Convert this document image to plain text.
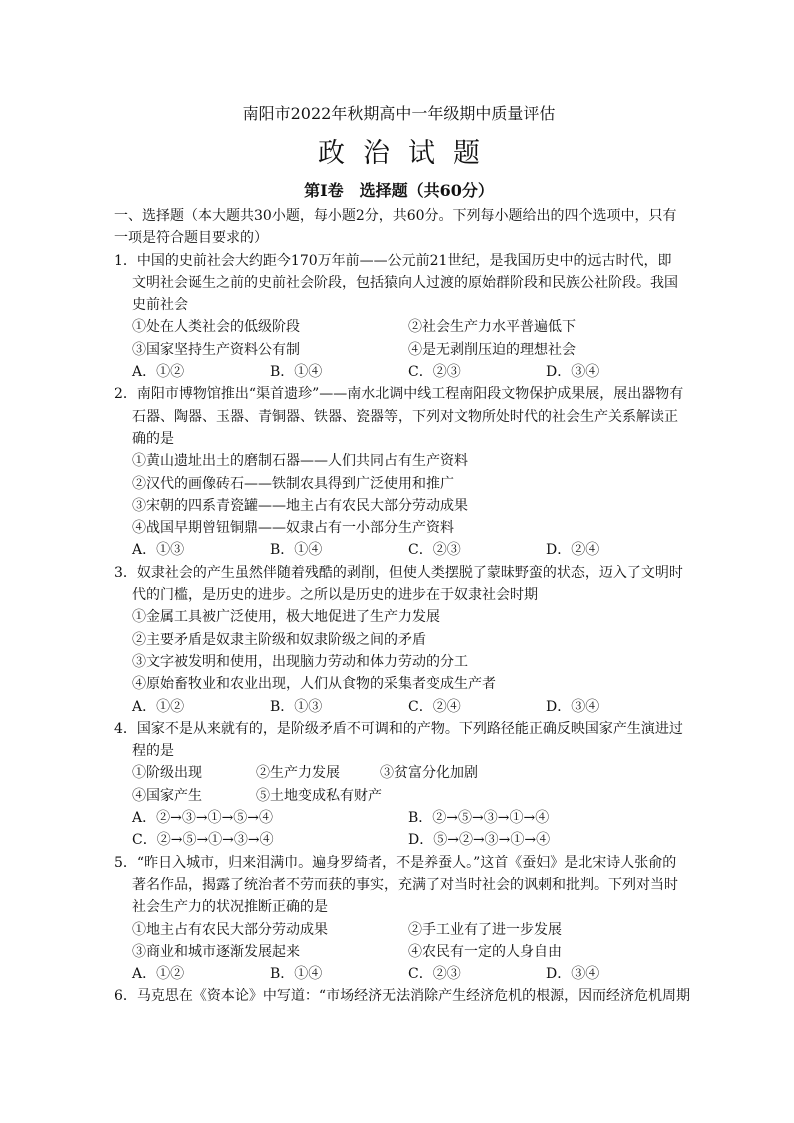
南阳市2022年秋期高中一年级期中质量评估
政治试题
第Ⅰ卷　选择题（共60分）

一、选择题（本大题共30小题，每小题2分，共60分。下列每小题给出的四个选项中，只有一项是符合题目要求的）

1．中国的史前社会大约距今170万年前——公元前21世纪，是我国历史中的远古时代，即文明社会诞生之前的史前社会阶段，包括猿向人过渡的原始群阶段和民族公社阶段。我国史前社会

①处在人类社会的低级阶段	②社会生产力水平普遍低下
③国家坚持生产资料公有制	④是无剥削压迫的理想社会
A．①②	B．①④	C．②③	D．③④

2．南阳市博物馆推出“渠首遗珍”——南水北调中线工程南阳段文物保护成果展，展出器物有石器、陶器、玉器、青铜器、铁器、瓷器等，下列对文物所处时代的社会生产关系解读正确的是

①黄山遗址出土的磨制石器——人们共同占有生产资料
②汉代的画像砖石——铁制农具得到广泛使用和推广
③宋朝的四系青瓷罐——地主占有农民大部分劳动成果
④战国早期曾钮铜鼎——奴隶占有一小部分生产资料
A．①③	B．①④	C．②③	D．②④

3．奴隶社会的产生虽然伴随着残酷的剥削，但使人类摆脱了蒙昧野蛮的状态，迈入了文明时代的门槛，是历史的进步。之所以是历史的进步在于奴隶社会时期

①金属工具被广泛使用，极大地促进了生产力发展
②主要矛盾是奴隶主阶级和奴隶阶级之间的矛盾
③文字被发明和使用，出现脑力劳动和体力劳动的分工
④原始畜牧业和农业出现，人们从食物的采集者变成生产者
A．①②	B．①③	C．②④	D．③④

4．国家不是从来就有的，是阶级矛盾不可调和的产物。下列路径能正确反映国家产生演进过程的是

①阶级出现	②生产力发展	③贫富分化加剧
④国家产生	⑤土地变成私有财产
A．②→③→①→⑤→④	B．②→⑤→③→①→④
C．②→⑤→①→③→④	D．⑤→②→③→①→④

5．“昨日入城市，归来泪满巾。遍身罗绮者，不是养蚕人。”这首《蚕妇》是北宋诗人张俞的著名作品，揭露了统治者不劳而获的事实，充满了对当时社会的讽刺和批判。下列对当时社会生产力的状况推断正确的是

①地主占有农民大部分劳动成果	②手工业有了进一步发展
③商业和城市逐渐发展起来	④农民有一定的人身自由
A．①②	B．①④	C．②③	D．③④

6．马克思在《资本论》中写道：“市场经济无法消除产生经济危机的根源，因而经济危机周期
